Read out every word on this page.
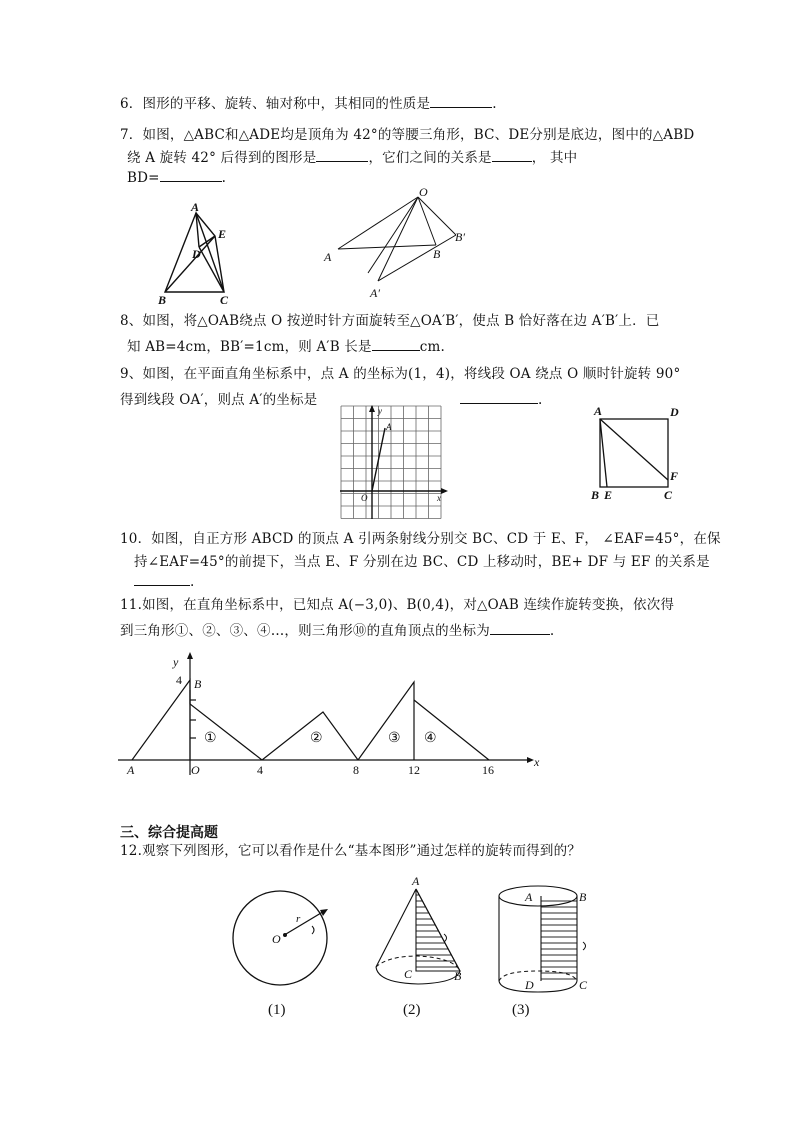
6．图形的平移、旋转、轴对称中，其相同的性质是	.
7．如图，△ABC和△ADE均是顶角为 42°的等腰三角形，BC、DE分别是底边，图中的△ABD
绕 A 旋转 42° 后得到的图形是	，它们之间的关系是	， 其中
BD=	.
A
E
D
B	C
O
A	B
B′
A′
8、如图，将△OAB绕点 O 按逆时针方面旋转至△OA′B′，使点 B 恰好落在边 A′B′上．已
知 AB=4cm，BB′=1cm，则 A′B 长是	cm.
9、如图，在平面直角坐标系中，点 A 的坐标为(1，4)，将线段 OA 绕点 O 顺时针旋转 90°
得到线段 OA′，则点 A′的坐标是	.
y
A
O	x
A	D
F
B E	C
10．如图，自正方形 ABCD 的顶点 A 引两条射线分别交 BC、CD 于 E、F， ∠EAF=45°，在保
持∠EAF=45°的前提下，当点 E、F 分别在边 BC、CD 上移动时，BE+ DF 与 EF 的关系是
.
11.如图，在直角坐标系中，已知点 A(−3,0)、B(0,4)，对△OAB 连续作旋转变换，依次得
到三角形①、②、③、④…，则三角形⑩的直角顶点的坐标为	.
y
x
4 B
A	O	4	8	12	16
①	②	③ ④
三、综合提高题
12.观察下列图形，它可以看作是什么“基本图形”通过怎样的旋转而得到的？
r
O
A
C	B
A	B
D	C
(1)	(2)	(3)
